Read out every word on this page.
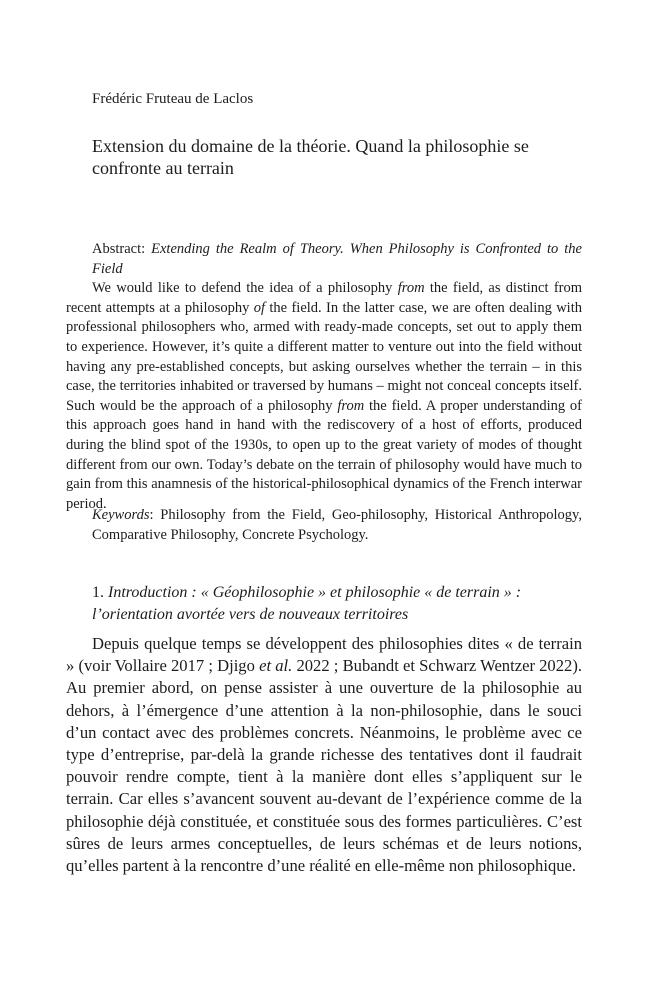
Frédéric Fruteau de Laclos

Extension du domaine de la théorie. Quand la philosophie se confronte au terrain

Abstract: Extending the Realm of Theory. When Philosophy is Confronted to the Field

We would like to defend the idea of a philosophy from the field, as distinct from recent attempts at a philosophy of the field. In the latter case, we are often dealing with professional philosophers who, armed with ready-made concepts, set out to apply them to experience. However, it’s quite a different matter to venture out into the field without having any pre-established concepts, but asking ourselves whether the terrain – in this case, the territories inhabited or traversed by humans – might not conceal concepts itself. Such would be the approach of a philosophy from the field. A proper understanding of this approach goes hand in hand with the rediscovery of a host of efforts, produced during the blind spot of the 1930s, to open up to the great variety of modes of thought different from our own. Today’s debate on the terrain of philosophy would have much to gain from this anamnesis of the historical-philosophical dynamics of the French interwar period.

Keywords: Philosophy from the Field, Geo-philosophy, Historical Anthropology, Comparative Philosophy, Concrete Psychology.

1. Introduction : « Géophilosophie » et philosophie « de terrain » : l’orientation avortée vers de nouveaux territoires

Depuis quelque temps se développent des philosophies dites « de terrain » (voir Vollaire 2017 ; Djigo et al. 2022 ; Bubandt et Schwarz Wentzer 2022). Au premier abord, on pense assister à une ouverture de la philosophie au dehors, à l’émergence d’une attention à la non-philosophie, dans le souci d’un contact avec des problèmes concrets. Néanmoins, le problème avec ce type d’entreprise, par-delà la grande richesse des tentatives dont il faudrait pouvoir rendre compte, tient à la manière dont elles s’appliquent sur le terrain. Car elles s’avancent souvent au-devant de l’expérience comme de la philosophie déjà constituée, et constituée sous des formes particulières. C’est sûres de leurs armes conceptuelles, de leurs schémas et de leurs notions, qu’elles partent à la rencontre d’une réalité en elle-même non philosophique.
